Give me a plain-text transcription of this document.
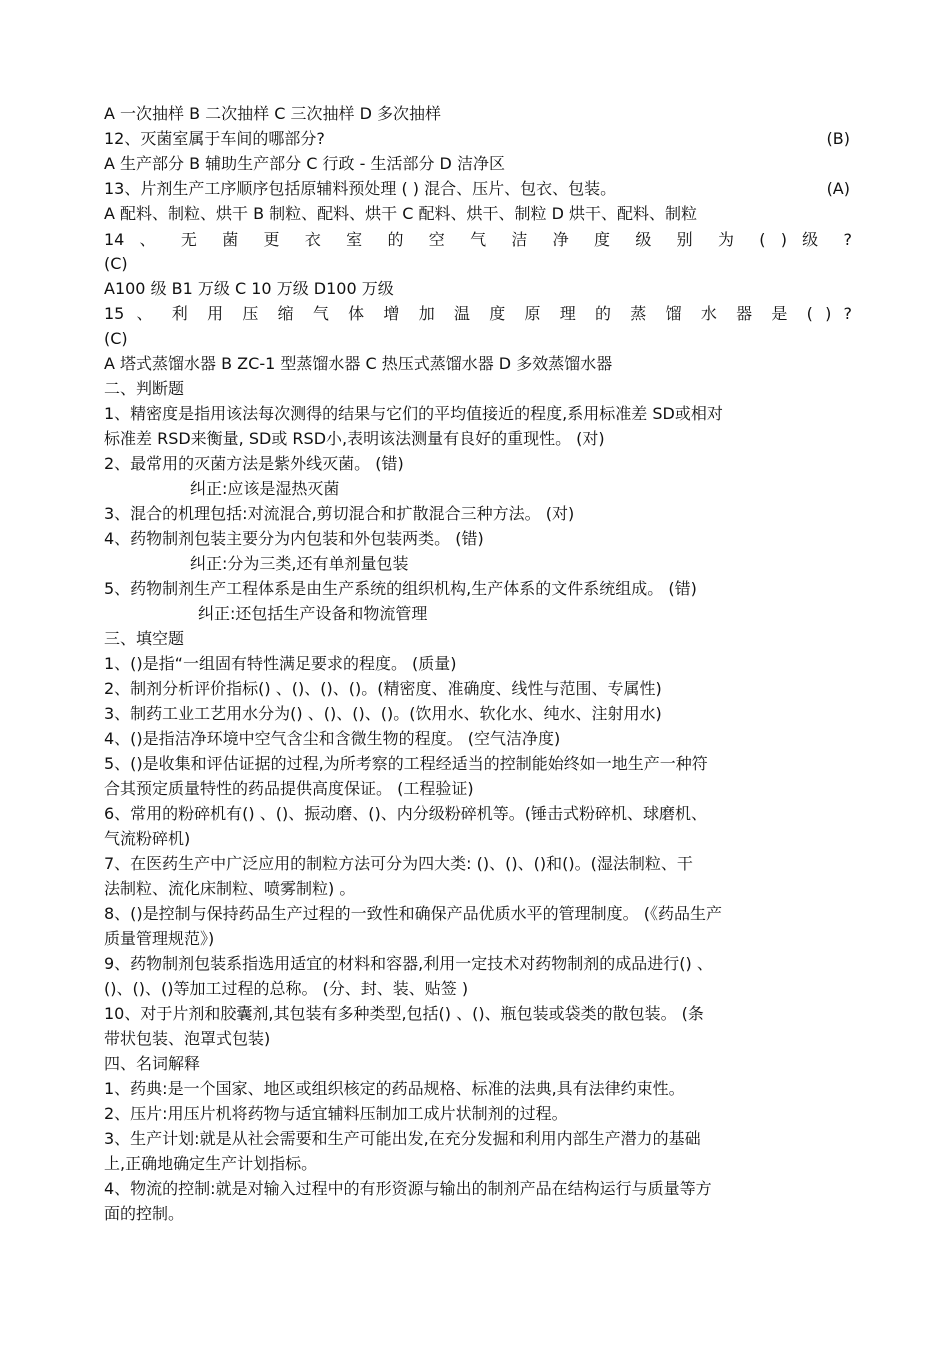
A 一次抽样 B 二次抽样 C 三次抽样 D 多次抽样
12、灭菌室属于车间的哪部分?	(B)
A 生产部分 B 辅助生产部分 C 行政 - 生活部分 D 洁净区
13、片剂生产工序顺序包括原辅料预处理 ( ) 混合、压片、包衣、包装。	(A)
A 配料、制粒、烘干 B 制粒、配料、烘干 C 配料、烘干、制粒 D 烘干、配料、制粒
14 、 无 菌 更 衣 室 的 空 气 洁 净 度 级 别 为 ( ) 级 ?
(C)
A100 级 B1 万级 C 10 万级 D100 万级
15 、 利 用 压 缩 气 体 增 加 温 度 原 理 的 蒸 馏 水 器 是 ( ) ?
(C)
A 塔式蒸馏水器 B ZC-1 型蒸馏水器 C 热压式蒸馏水器 D 多效蒸馏水器
二、判断题
1、精密度是指用该法每次测得的结果与它们的平均值接近的程度,系用标准差 SD或相对
标准差 RSD来衡量, SD或 RSD小,表明该法测量有良好的重现性。 (对)
2、最常用的灭菌方法是紫外线灭菌。 (错)
纠正:应该是湿热灭菌
3、混合的机理包括:对流混合,剪切混合和扩散混合三种方法。 (对)
4、药物制剂包装主要分为内包装和外包装两类。 (错)
纠正:分为三类,还有单剂量包装
5、药物制剂生产工程体系是由生产系统的组织机构,生产体系的文件系统组成。 (错)
纠正:还包括生产设备和物流管理
三、填空题
1、()是指“一组固有特性满足要求的程度。 (质量)
2、制剂分析评价指标() 、()、()、()。(精密度、准确度、线性与范围、专属性)
3、制药工业工艺用水分为() 、()、()、()。(饮用水、软化水、纯水、注射用水)
4、()是指洁净环境中空气含尘和含微生物的程度。 (空气洁净度)
5、()是收集和评估证据的过程,为所考察的工程经适当的控制能始终如一地生产一种符
合其预定质量特性的药品提供高度保证。 (工程验证)
6、常用的粉碎机有() 、()、振动磨、()、内分级粉碎机等。(锤击式粉碎机、球磨机、
气流粉碎机)
7、在医药生产中广泛应用的制粒方法可分为四大类: ()、()、()和()。(湿法制粒、干
法制粒、流化床制粒、喷雾制粒) 。
8、()是控制与保持药品生产过程的一致性和确保产品优质水平的管理制度。 (《药品生产
质量管理规范》)
9、药物制剂包装系指选用适宜的材料和容器,利用一定技术对药物制剂的成品进行() 、
()、()、()等加工过程的总称。 (分、封、装、贴签 )
10、对于片剂和胶囊剂,其包装有多种类型,包括() 、()、瓶包装或袋类的散包装。 (条
带状包装、泡罩式包装)
四、名词解释
1、药典:是一个国家、地区或组织核定的药品规格、标准的法典,具有法律约束性。
2、压片:用压片机将药物与适宜辅料压制加工成片状制剂的过程。
3、生产计划:就是从社会需要和生产可能出发,在充分发掘和利用内部生产潜力的基础
上,正确地确定生产计划指标。
4、物流的控制:就是对输入过程中的有形资源与输出的制剂产品在结构运行与质量等方
面的控制。
